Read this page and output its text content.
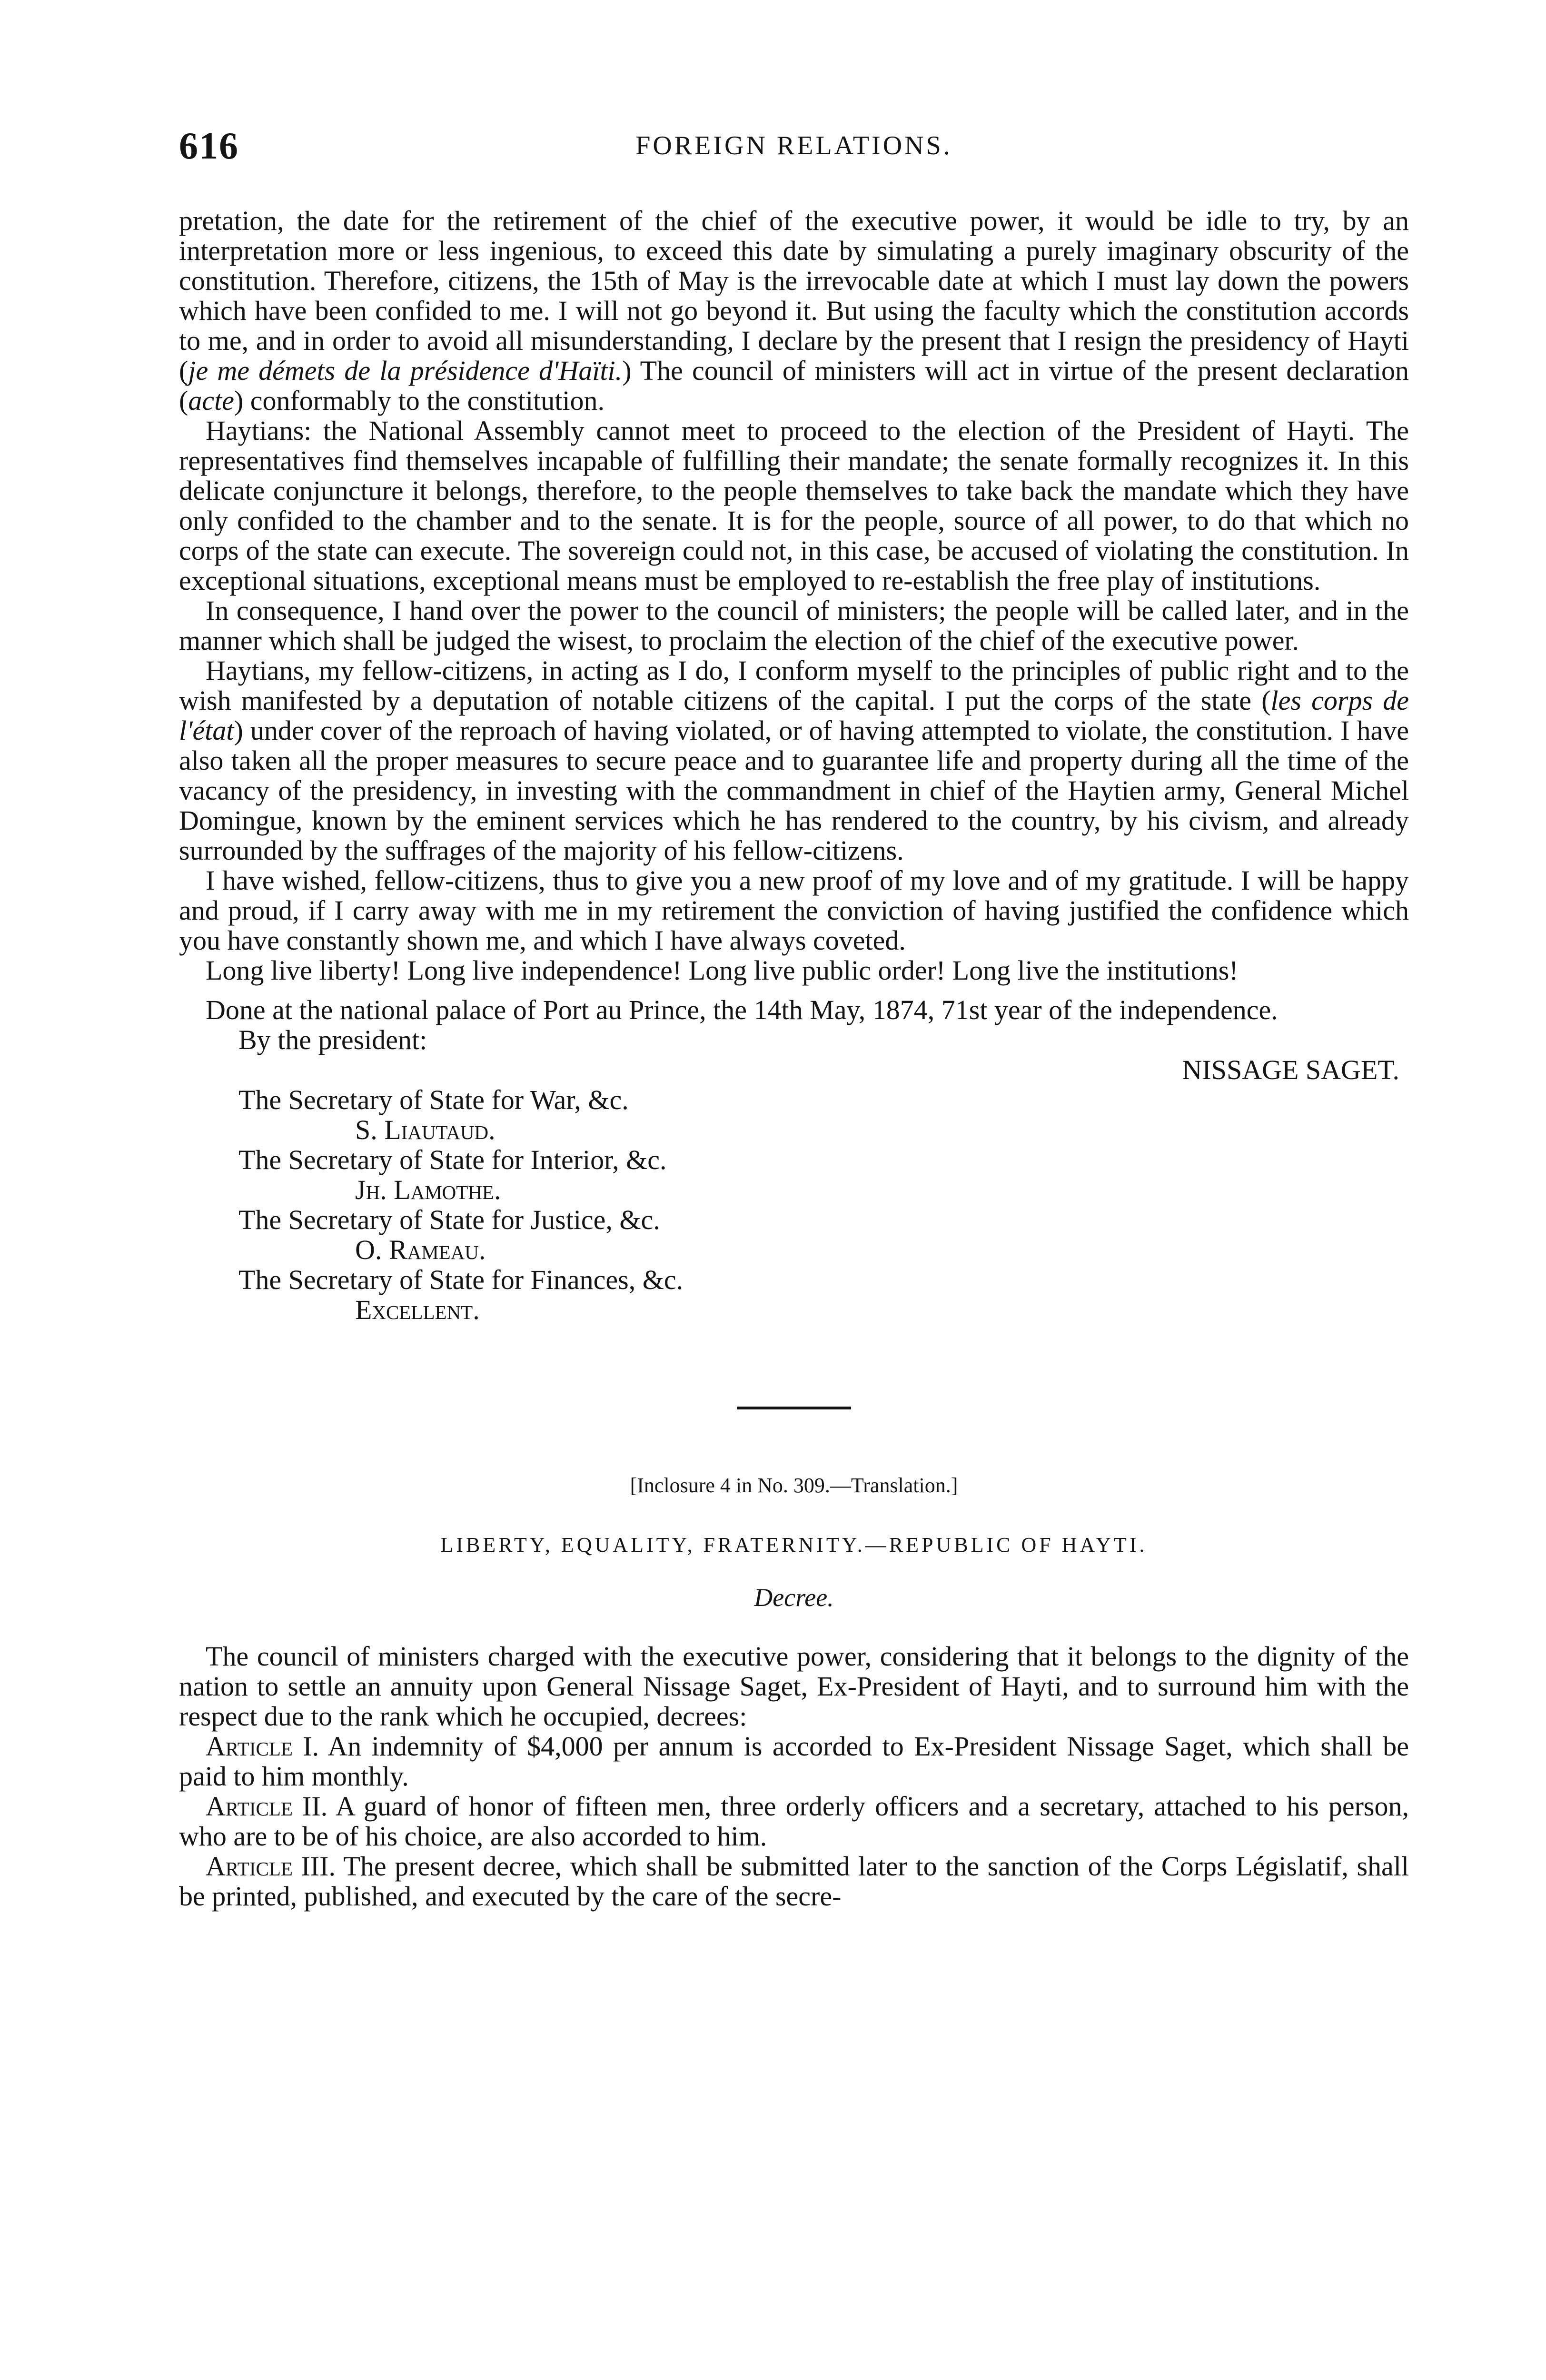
616	FOREIGN RELATIONS.

pretation, the date for the retirement of the chief of the executive power, it would be idle to try, by an interpretation more or less ingenious, to exceed this date by simulating a purely imaginary obscurity of the constitution. Therefore, citizens, the 15th of May is the irrevocable date at which I must lay down the powers which have been confided to me. I will not go beyond it. But using the faculty which the constitution accords to me, and in order to avoid all misunderstanding, I declare by the present that I resign the presidency of Hayti (je me démets de la présidence d'Haïti.) The council of ministers will act in virtue of the present declaration (acte) conformably to the constitution.

Haytians: the National Assembly cannot meet to proceed to the election of the President of Hayti. The representatives find themselves incapable of fulfilling their mandate; the senate formally recognizes it. In this delicate conjuncture it belongs, therefore, to the people themselves to take back the mandate which they have only confided to the chamber and to the senate. It is for the people, source of all power, to do that which no corps of the state can execute. The sovereign could not, in this case, be accused of violating the constitution. In exceptional situations, exceptional means must be employed to re-establish the free play of institutions.

In consequence, I hand over the power to the council of ministers; the people will be called later, and in the manner which shall be judged the wisest, to proclaim the election of the chief of the executive power.

Haytians, my fellow-citizens, in acting as I do, I conform myself to the principles of public right and to the wish manifested by a deputation of notable citizens of the capital. I put the corps of the state (les corps de l'état) under cover of the reproach of having violated, or of having attempted to violate, the constitution. I have also taken all the proper measures to secure peace and to guarantee life and property during all the time of the vacancy of the presidency, in investing with the commandment in chief of the Haytien army, General Michel Domingue, known by the eminent services which he has rendered to the country, by his civism, and already surrounded by the suffrages of the majority of his fellow-citizens.

I have wished, fellow-citizens, thus to give you a new proof of my love and of my gratitude. I will be happy and proud, if I carry away with me in my retirement the conviction of having justified the confidence which you have constantly shown me, and which I have always coveted.

Long live liberty! Long live independence! Long live public order! Long live the institutions!

Done at the national palace of Port au Prince, the 14th May, 1874, 71st year of the independence.

By the president:

NISSAGE SAGET.

The Secretary of State for War, &c.

S. Liautaud.

The Secretary of State for Interior, &c.

Jh. Lamothe.

The Secretary of State for Justice, &c.

O. Rameau.

The Secretary of State for Finances, &c.

Excellent.

[Inclosure 4 in No. 309.—Translation.]
LIBERTY, EQUALITY, FRATERNITY.—REPUBLIC OF HAYTI.
Decree.

The council of ministers charged with the executive power, considering that it belongs to the dignity of the nation to settle an annuity upon General Nissage Saget, Ex-President of Hayti, and to surround him with the respect due to the rank which he occupied, decrees:

Article I. An indemnity of $4,000 per annum is accorded to Ex-President Nissage Saget, which shall be paid to him monthly.

Article II. A guard of honor of fifteen men, three orderly officers and a secretary, attached to his person, who are to be of his choice, are also accorded to him.

Article III. The present decree, which shall be submitted later to the sanction of the Corps Législatif, shall be printed, published, and executed by the care of the secre-
